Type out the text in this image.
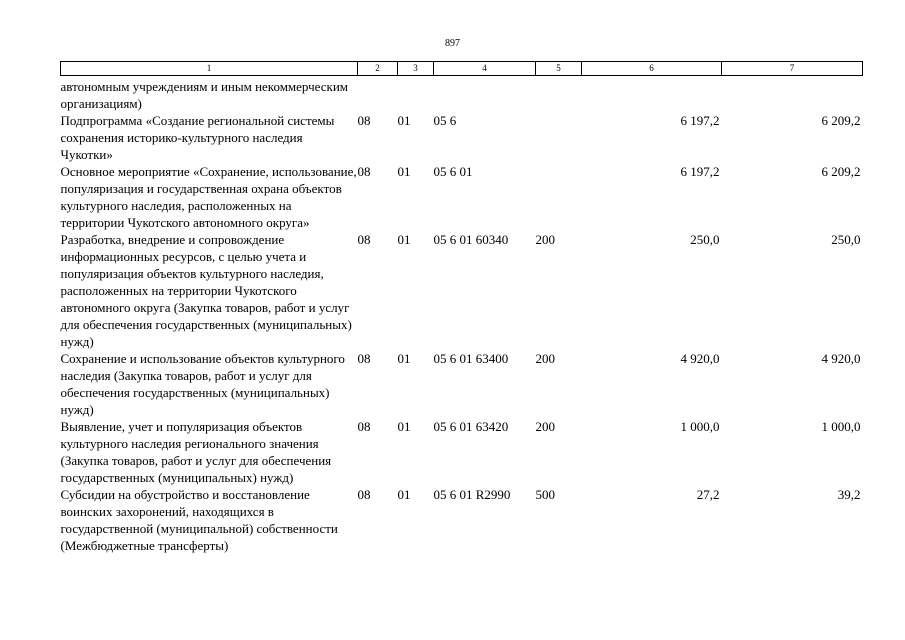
897
1	2	3	4	5	6	7
автономным учреждениям и иным некоммерческим организациям)						
Подпрограмма «Создание региональной системы сохранения историко-культурного наследия Чукотки»	08	01	05 6		6 197,2	6 209,2
Основное мероприятие «Сохранение, использование, популяризация и государственная охрана объектов культурного наследия, расположенных на территории Чукотского автономного округа»	08	01	05 6 01		6 197,2	6 209,2
Разработка, внедрение и сопровождение информационных ресурсов, с целью учета и популяризация объектов культурного наследия, расположенных на территории Чукотского автономного округа (Закупка товаров, работ и услуг для обеспечения государственных (муниципальных) нужд)	08	01	05 6 01 60340	200	250,0	250,0
Сохранение и использование объектов культурного наследия (Закупка товаров, работ и услуг для обеспечения государственных (муниципальных) нужд)	08	01	05 6 01 63400	200	4 920,0	4 920,0
Выявление, учет и популяризация объектов культурного наследия регионального значения (Закупка товаров, работ и услуг для обеспечения государственных (муниципальных) нужд)	08	01	05 6 01 63420	200	1 000,0	1 000,0
Субсидии на обустройство и восстановление воинских захоронений, находящихся в государственной (муниципальной) собственности (Межбюджетные трансферты)	08	01	05 6 01 R2990	500	27,2	39,2
